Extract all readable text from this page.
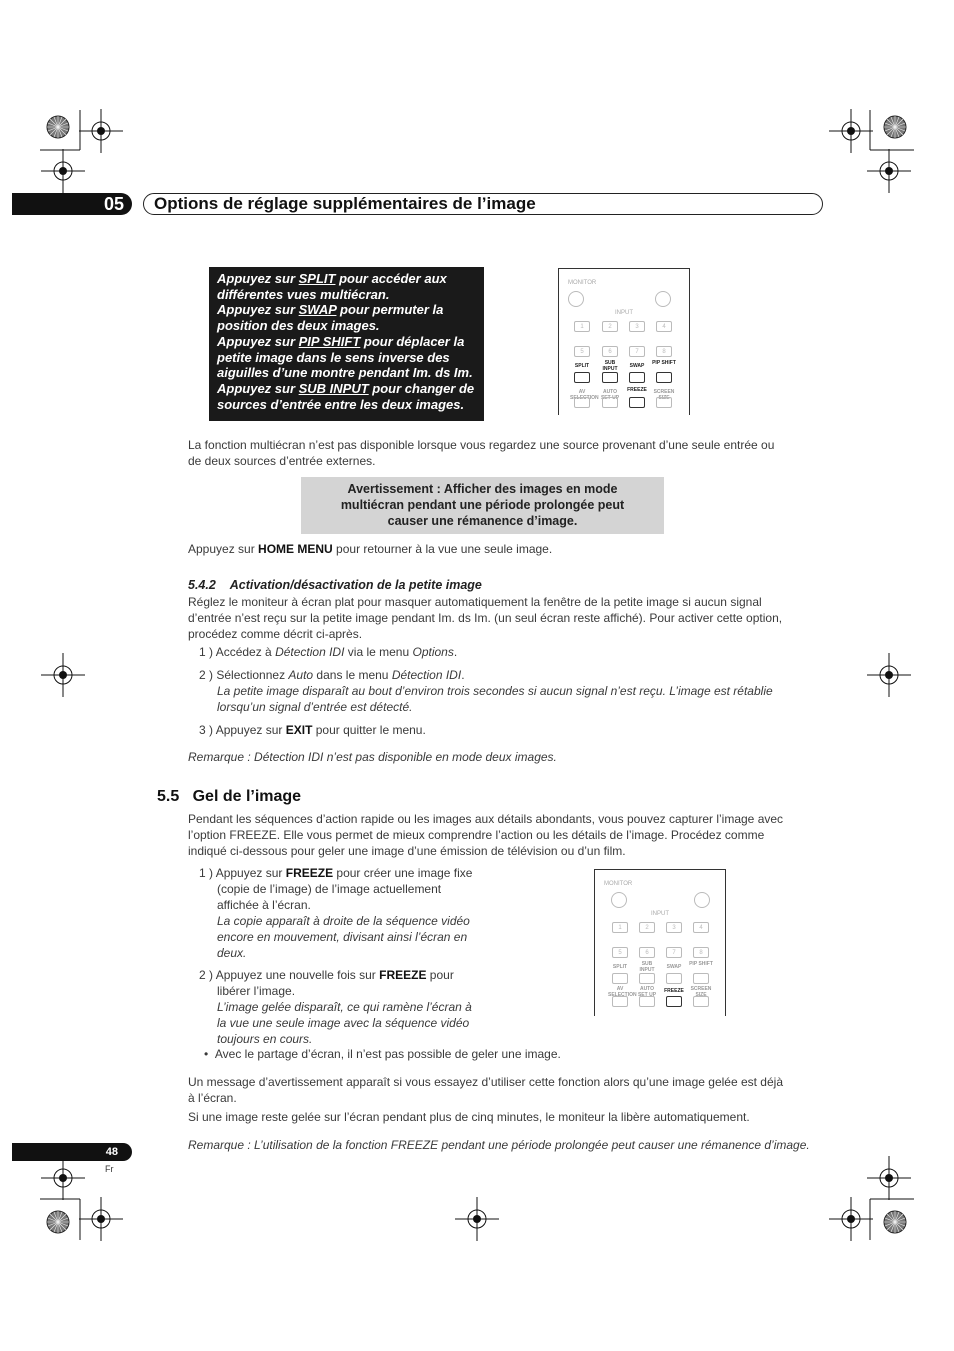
05	Options de réglage supplémentaires de l’image
Appuyez sur SPLIT pour accéder aux
différentes vues multiécran.
Appuyez sur SWAP pour permuter la
position des deux images.
Appuyez sur PIP SHIFT pour déplacer la
petite image dans le sens inverse des
aiguilles d’une montre pendant Im. ds Im.
Appuyez sur SUB INPUT pour changer de
sources d’entrée entre les deux images.
MONITOR
INPUT
1	2	3	4
5	6	7	8
SPLIT	SUB INPUT	SWAP	PIP SHIFT
AV SELECTION
AUTO SET UP
FREEZE	SCREEN SIZE
La fonction multiécran n’est pas disponible lorsque vous regardez une source provenant d’une seule entrée ou
de deux sources d’entrée externes.
Avertissement : Afficher des images en mode
multiécran pendant une période prolongée peut
causer une rémanence d’image.
Appuyez sur HOME MENU pour retourner à la vue une seule image.
5.4.2 Activation/désactivation de la petite image
Réglez le moniteur à écran plat pour masquer automatiquement la fenêtre de la petite image si aucun signal
d’entrée n’est reçu sur la petite image pendant Im. ds Im. (un seul écran reste affiché). Pour activer cette option,
procédez comme décrit ci-après.
1 ) Accédez à Détection IDI via le menu Options.
2 ) Sélectionnez Auto dans le menu Détection IDI.
La petite image disparaît au bout d’environ trois secondes si aucun signal n’est reçu. L’image est rétablie
lorsqu’un signal d’entrée est détecté.
3 ) Appuyez sur EXIT pour quitter le menu.
Remarque : Détection IDI n’est pas disponible en mode deux images.
5.5 Gel de l’image
Pendant les séquences d’action rapide ou les images aux détails abondants, vous pouvez capturer l’image avec
l’option FREEZE. Elle vous permet de mieux comprendre l’action ou les détails de l’image. Procédez comme
indiqué ci-dessous pour geler une image d’une émission de télévision ou d’un film.
1 ) Appuyez sur FREEZE pour créer une image fixe
(copie de l’image) de l’image actuellement
affichée à l’écran.
La copie apparaît à droite de la séquence vidéo
encore en mouvement, divisant ainsi l’écran en
deux.
2 ) Appuyez une nouvelle fois sur FREEZE pour
libérer l’image.
L’image gelée disparaît, ce qui ramène l’écran à
la vue une seule image avec la séquence vidéo
toujours en cours.
• Avec le partage d’écran, il n’est pas possible de geler une image.
MONITOR
INPUT
1	2	3	4
5	6	7	8
SPLIT	SUB INPUT	SWAP	PIP SHIFT
AV SELECTION
AUTO SET UP
FREEZE	SCREEN SIZE
Un message d’avertissement apparaît si vous essayez d’utiliser cette fonction alors qu’une image gelée est déjà
à l’écran.
Si une image reste gelée sur l’écran pendant plus de cinq minutes, le moniteur la libère automatiquement.
Remarque : L’utilisation de la fonction FREEZE pendant une période prolongée peut causer une rémanence d’image.
48
Fr
